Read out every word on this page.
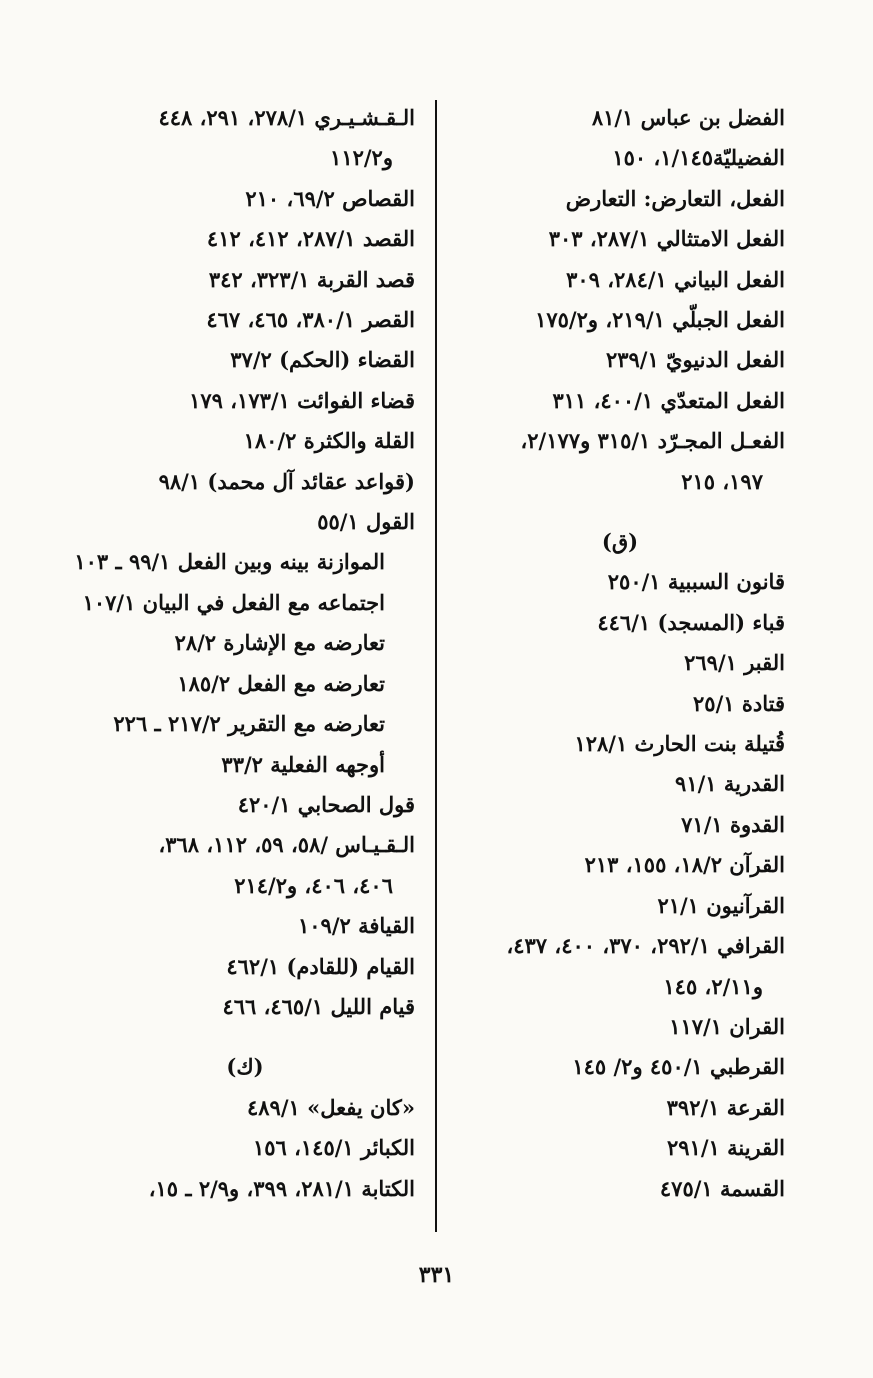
الفضل بن عباس ٨١/١
الفضيليّة١/١٤٥، ١٥٠
الفعل، التعارض: التعارض
الفعل الامتثالي ٢٨٧/١، ٣٠٣
الفعل البياني ٢٨٤/١، ٣٠٩
الفعل الجبلّي ٢١٩/١، و١٧٥/٢
الفعل الدنيويّ ٢٣٩/١
الفعل المتعدّي ٤٠٠/١، ٣١١
الفعـل المجـرّد ٣١٥/١ و٢/١٧٧،
١٩٧، ٢١٥
(ق)
قانون السببية ٢٥٠/١
قباء (المسجد) ٤٤٦/١
القبر ٢٦٩/١
قتادة ٢٥/١
قُتيلة بنت الحارث ١٢٨/١
القدرية ٩١/١
القدوة ٧١/١
القرآن ١٨/٢، ١٥٥، ٢١٣
القرآنيون ٢١/١
القرافي ٢٩٢/١، ٣٧٠، ٤٠٠، ٤٣٧،
و٢/١١، ١٤٥
القران ١١٧/١
القرطبي ٤٥٠/١ و٢/ ١٤٥
القرعة ٣٩٢/١
القرينة ٢٩١/١
القسمة ٤٧٥/١
الـقـشـيـري ٢٧٨/١، ٢٩١، ٤٤٨
و١١٢/٢
القصاص ٦٩/٢، ٢١٠
القصد ٢٨٧/١، ٤١٢، ٤١٢
قصد القربة ٣٢٣/١، ٣٤٢
القصر ٣٨٠/١، ٤٦٥، ٤٦٧
القضاء (الحكم) ٣٧/٢
قضاء الفوائت ١٧٣/١، ١٧٩
القلة والكثرة ١٨٠/٢
(قواعد عقائد آل محمد) ٩٨/١
القول ٥٥/١
الموازنة بينه وبين الفعل ٩٩/١ ـ ١٠٣
اجتماعه مع الفعل في البيان ١٠٧/١
تعارضه مع الإشارة ٢٨/٢
تعارضه مع الفعل ١٨٥/٢
تعارضه مع التقرير ٢١٧/٢ ـ ٢٢٦
أوجهه الفعلية ٣٣/٢
قول الصحابي ٤٢٠/١
الـقـيـاس /٥٨، ٥٩، ١١٢، ٣٦٨،
٤٠٦، ٤٠٦، و٢١٤/٢
القيافة ١٠٩/٢
القيام (للقادم) ٤٦٢/١
قيام الليل ٤٦٥/١، ٤٦٦
(ك)
«كان يفعل» ٤٨٩/١
الكبائر ١٤٥/١، ١٥٦
الكتابة ٢٨١/١، ٣٩٩، و٢/٩ ـ ١٥،
٣٣١
